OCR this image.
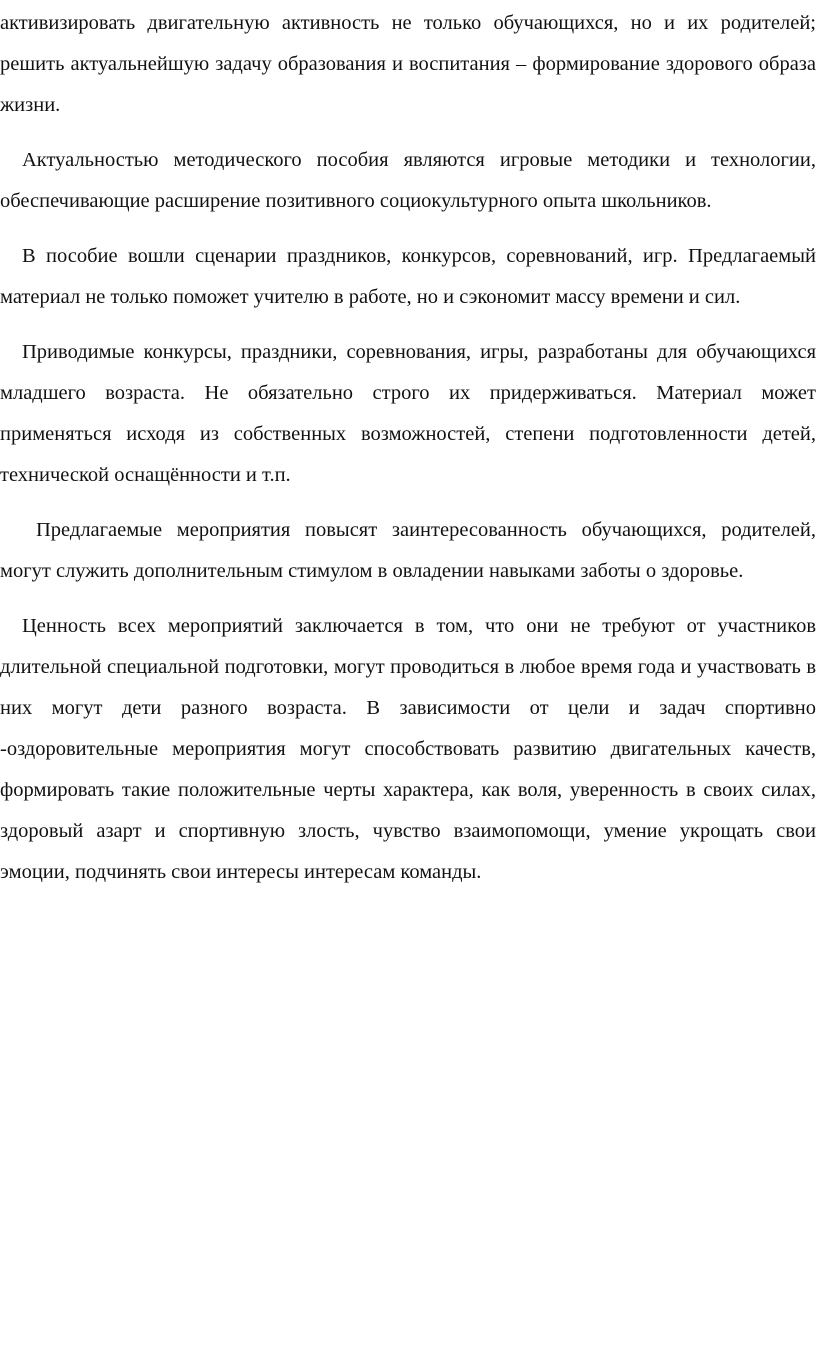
активизировать двигательную активность не только обучающихся, но и их родителей; решить актуальнейшую задачу образования и воспитания – формирование здорового образа жизни.

Актуальностью методического пособия являются игровые методики и технологии, обеспечивающие расширение позитивного социокультурного опыта школьников.

В пособие вошли сценарии праздников, конкурсов, соревнований, игр. Предлагаемый материал не только поможет учителю в работе, но и сэкономит массу времени и сил.

Приводимые конкурсы, праздники, соревнования, игры, разработаны для обучающихся младшего возраста. Не обязательно строго их придерживаться. Материал может применяться исходя из собственных возможностей, степени подготовленности детей, технической оснащённости и т.п.

Предлагаемые мероприятия повысят заинтересованность обучающихся, родителей, могут служить дополнительным стимулом в овладении навыками заботы о здоровье.

Ценность всех мероприятий заключается в том, что они не требуют от участников длительной специальной подготовки, могут проводиться в любое время года и участвовать в них могут дети разного возраста. В зависимости от цели и задач спортивно -оздоровительные мероприятия могут способствовать развитию двигательных качеств, формировать такие положительные черты характера, как воля, уверенность в своих силах, здоровый азарт и спортивную злость, чувство взаимопомощи, умение укрощать свои эмоции, подчинять свои интересы интересам команды.
